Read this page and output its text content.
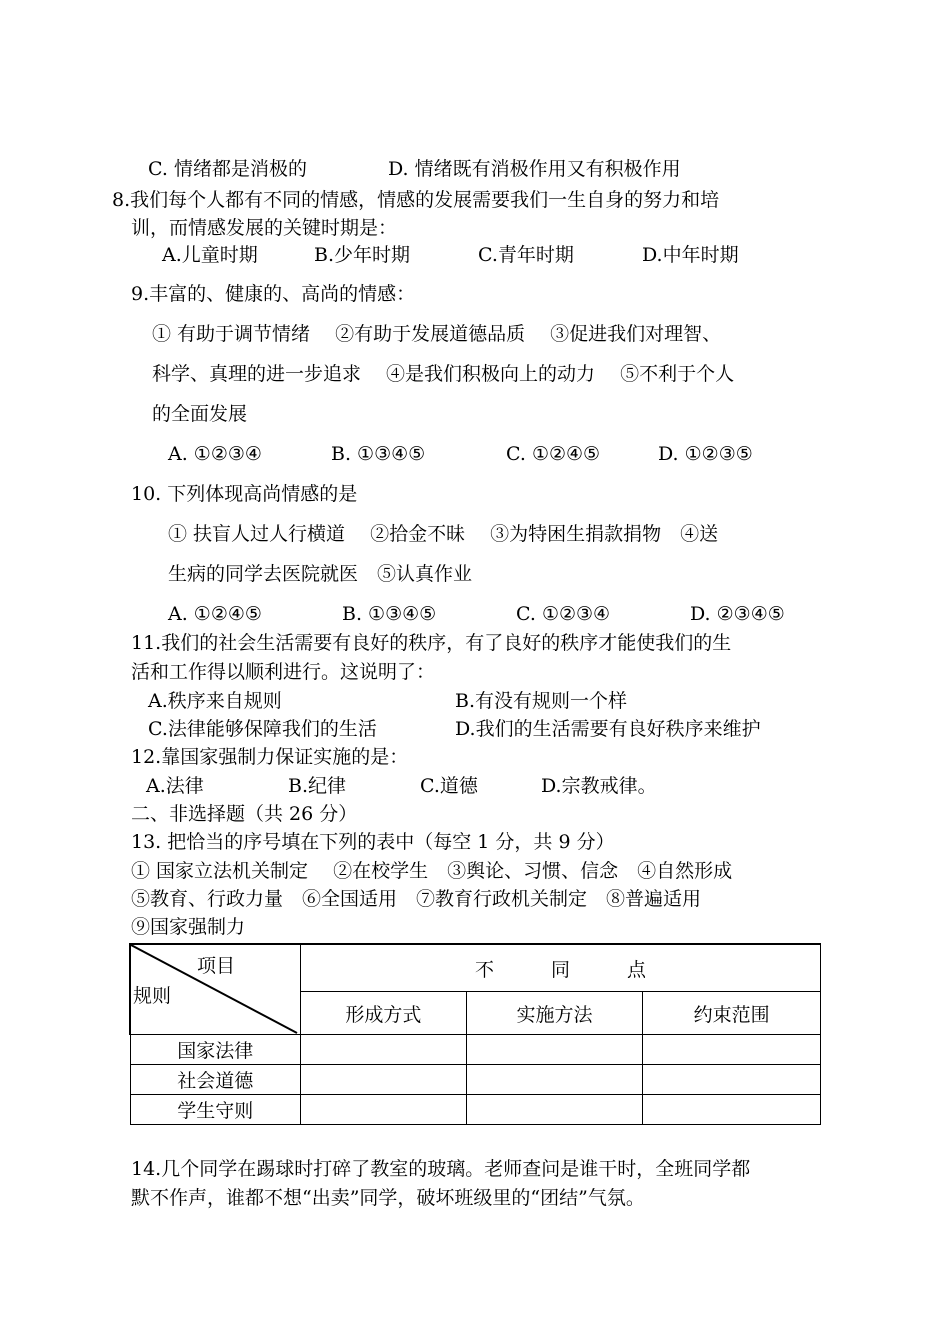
C. 情绪都是消极的	D. 情绪既有消极作用又有积极作用
8.我们每个人都有不同的情感，情感的发展需要我们一生自身的努力和培
训，而情感发展的关键时期是：
A.儿童时期	B.少年时期	C.青年时期	D.中年时期
9.丰富的、健康的、高尚的情感：
① 有助于调节情绪　 ②有助于发展道德品质　 ③促进我们对理智、
科学、真理的进一步追求　 ④是我们积极向上的动力　 ⑤不利于个人
的全面发展
A. ①②③④	B. ①③④⑤	C. ①②④⑤	D. ①②③⑤
10. 下列体现高尚情感的是
① 扶盲人过人行横道　 ②拾金不昧　 ③为特困生捐款捐物　④送
生病的同学去医院就医　⑤认真作业
A. ①②④⑤	B. ①③④⑤	C. ①②③④	D. ②③④⑤
11.我们的社会生活需要有良好的秩序，有了良好的秩序才能使我们的生
活和工作得以顺利进行。这说明了：
A.秩序来自规则	B.有没有规则一个样
C.法律能够保障我们的生活	D.我们的生活需要有良好秩序来维护
12.靠国家强制力保证实施的是：
A.法律	B.纪律	C.道德	D.宗教戒律。
二、非选择题（共 26 分）
13. 把恰当的序号填在下列的表中（每空 1 分，共 9 分）
① 国家立法机关制定　 ②在校学生　③舆论、习惯、信念　④自然形成
⑤教育、行政力量　⑥全国适用　⑦教育行政机关制定　⑧普遍适用
⑨国家强制力
项目
规则	不　　　同　　　点		
	形成方式	实施方法	约束范围
国家法律			
社会道德			
学生守则			
14.几个同学在踢球时打碎了教室的玻璃。老师查问是谁干时，全班同学都
默不作声，谁都不想“出卖”同学，破坏班级里的“团结”气氛。
